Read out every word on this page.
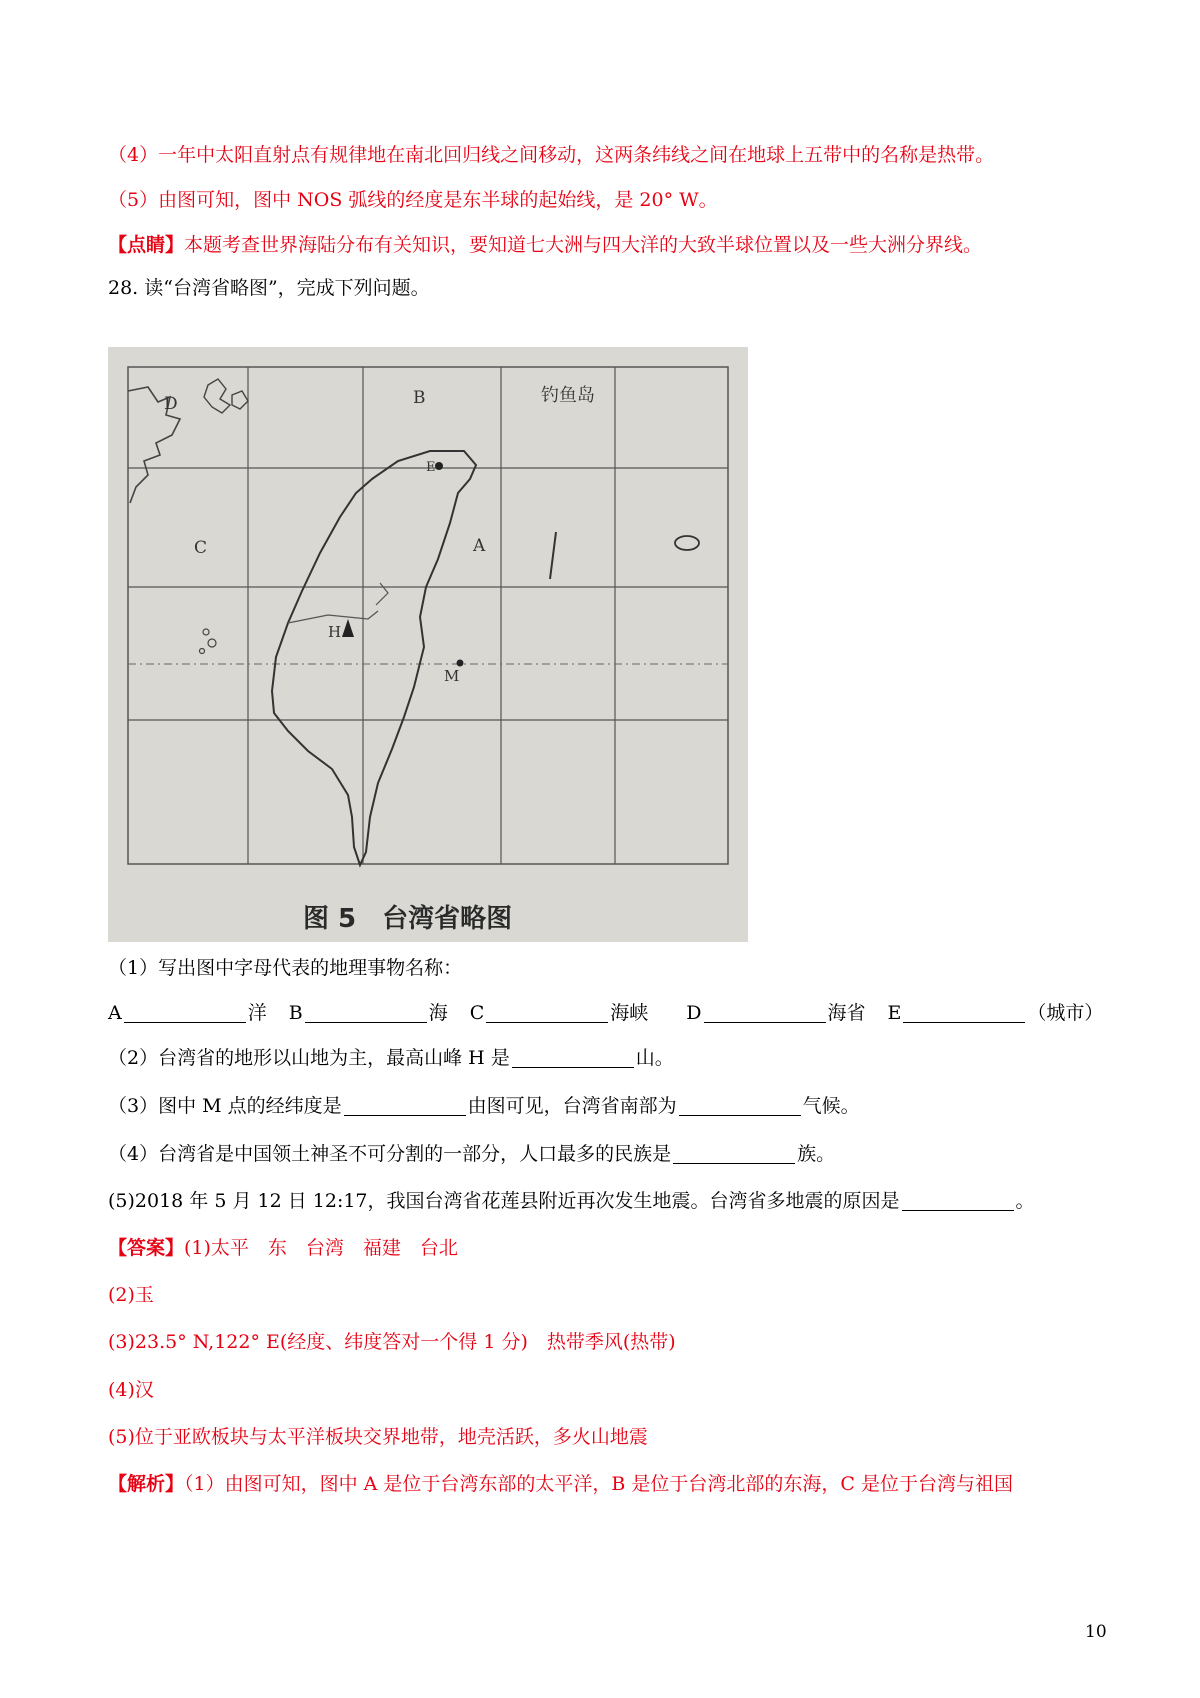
（4）一年中太阳直射点有规律地在南北回归线之间移动，这两条纬线之间在地球上五带中的名称是热带。
（5）由图可知，图中 NOS 弧线的经度是东半球的起始线，是 20° W。
【点睛】本题考查世界海陆分布有关知识，要知道七大洲与四大洋的大致半球位置以及一些大洲分界线。
28. 读“台湾省略图”，完成下列问题。
D	B	钓鱼岛
E
C	A
H
M
图 5　台湾省略图
（1）写出图中字母代表的地理事物名称：
A	洋 B	海 C	海峡 D	海省 E	（城市）
（2）台湾省的地形以山地为主，最高山峰 H 是	山。
（3）图中 M 点的经纬度是	由图可见，台湾省南部为	气候。
（4）台湾省是中国领土神圣不可分割的一部分，人口最多的民族是	族。
(5)2018 年 5 月 12 日 12:17，我国台湾省花莲县附近再次发生地震。台湾省多地震的原因是	。
【答案】(1)太平　东　台湾　福建　台北
(2)玉
(3)23.5° N,122° E(经度、纬度答对一个得 1 分)　热带季风(热带)
(4)汉
(5)位于亚欧板块与太平洋板块交界地带，地壳活跃，多火山地震
【解析】（1）由图可知，图中 A 是位于台湾东部的太平洋，B 是位于台湾北部的东海，C 是位于台湾与祖国
10
